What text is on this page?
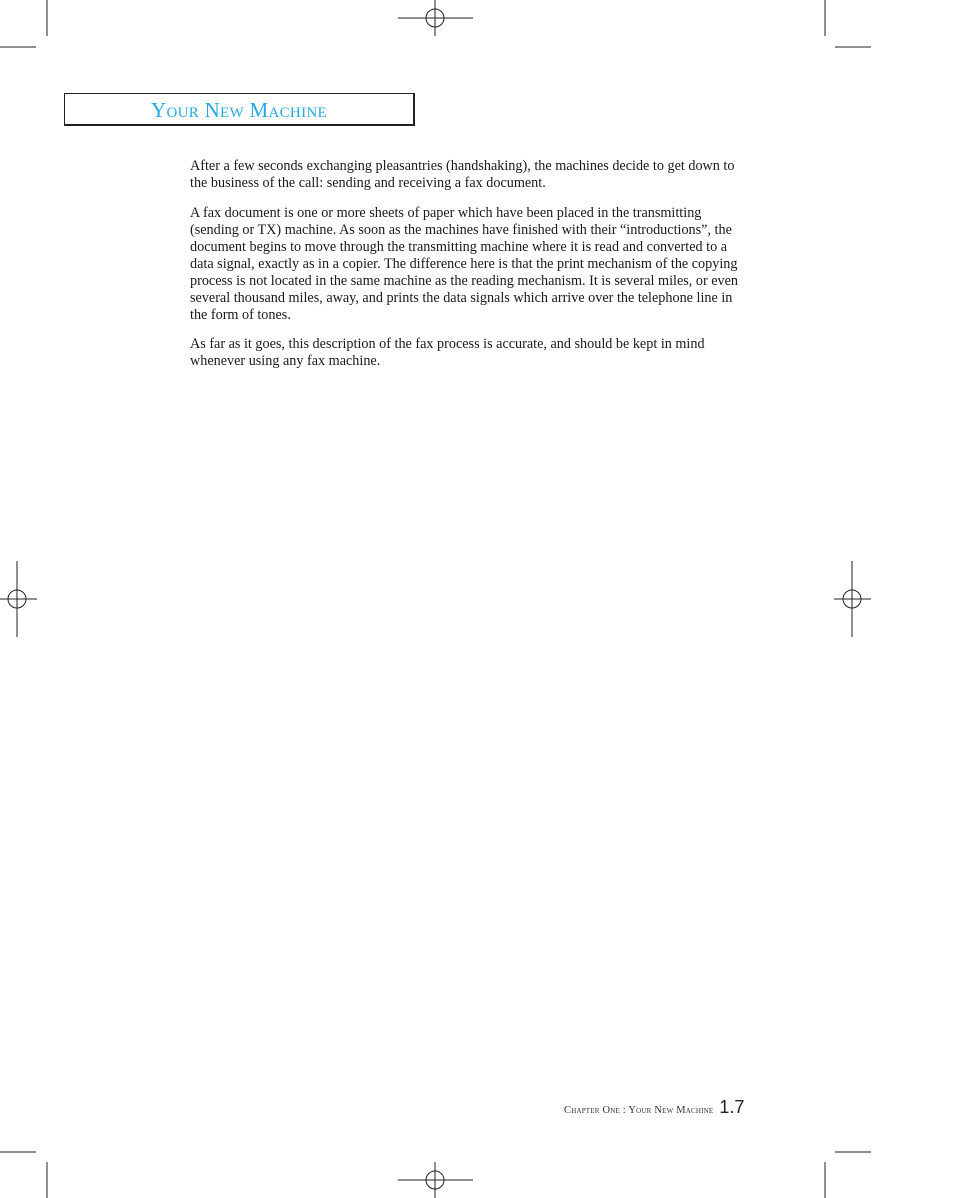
Your New Machine

After a few seconds exchanging pleasantries (handshaking), the machines decide to get down to the business of the call: sending and receiving a fax document.

A fax document is one or more sheets of paper which have been placed in the transmitting (sending or TX) machine. As soon as the machines have finished with their “introductions”, the document begins to move through the transmitting machine where it is read and converted to a data signal, exactly as in a copier. The difference here is that the print mechanism of the copying process is not located in the same machine as the reading mechanism. It is several miles, or even several thousand miles, away, and prints the data signals which arrive over the telephone line in the form of tones.

As far as it goes, this description of the fax process is accurate, and should be kept in mind whenever using any fax machine.

Chapter One : Your New Machine 1.7
